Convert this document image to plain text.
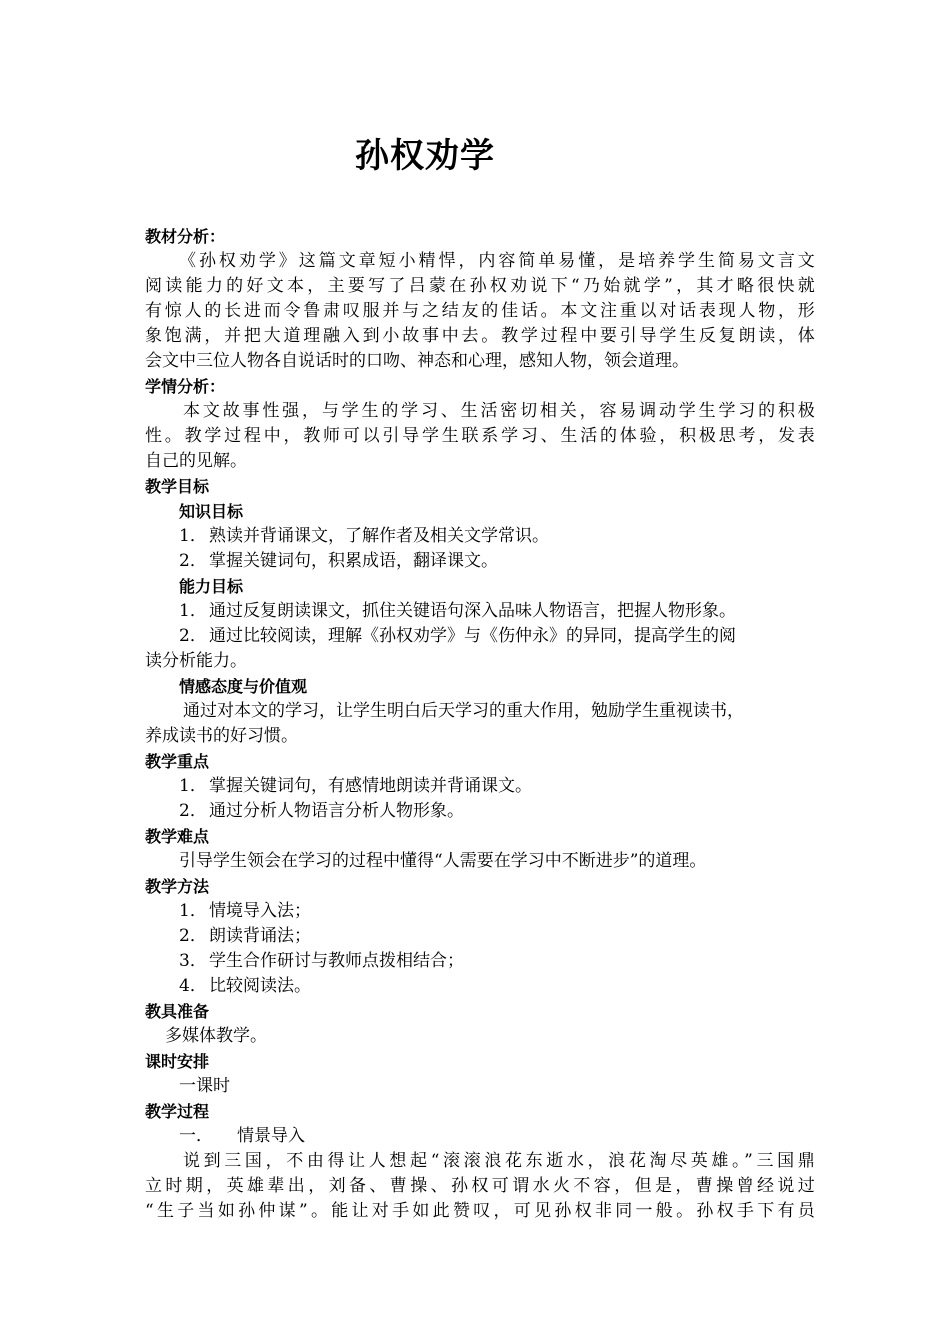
孙权劝学
教材分析：
《孙权劝学》这篇文章短小精悍，内容简单易懂，是培养学生简易文言文
阅读能力的好文本，主要写了吕蒙在孙权劝说下“乃始就学”，其才略很快就
有惊人的长进而令鲁肃叹服并与之结友的佳话。本文注重以对话表现人物，形
象饱满，并把大道理融入到小故事中去。教学过程中要引导学生反复朗读，体
会文中三位人物各自说话时的口吻、神态和心理，感知人物，领会道理。
学情分析：
本文故事性强，与学生的学习、生活密切相关，容易调动学生学习的积极
性。教学过程中，教师可以引导学生联系学习、生活的体验，积极思考，发表
自己的见解。
教学目标
知识目标
1． 熟读并背诵课文，了解作者及相关文学常识。
2． 掌握关键词句，积累成语，翻译课文。
能力目标
1． 通过反复朗读课文，抓住关键语句深入品味人物语言，把握人物形象。
2． 通过比较阅读，理解《孙权劝学》与《伤仲永》的异同，提高学生的阅
读分析能力。
情感态度与价值观
通过对本文的学习，让学生明白后天学习的重大作用，勉励学生重视读书，
养成读书的好习惯。
教学重点
1． 掌握关键词句，有感情地朗读并背诵课文。
2． 通过分析人物语言分析人物形象。
教学难点
引导学生领会在学习的过程中懂得“人需要在学习中不断进步”的道理。
教学方法
1． 情境导入法；
2． 朗读背诵法；
3． 学生合作研讨与教师点拨相结合；
4． 比较阅读法。
教具准备
多媒体教学。
课时安排
一课时
教学过程
一． 情景导入
说到三国，不由得让人想起“滚滚浪花东逝水，浪花淘尽英雄。”三国鼎
立时期，英雄辈出，刘备、曹操、孙权可谓水火不容，但是，曹操曾经说过
“生子当如孙仲谋”。能让对手如此赞叹，可见孙权非同一般。孙权手下有员
